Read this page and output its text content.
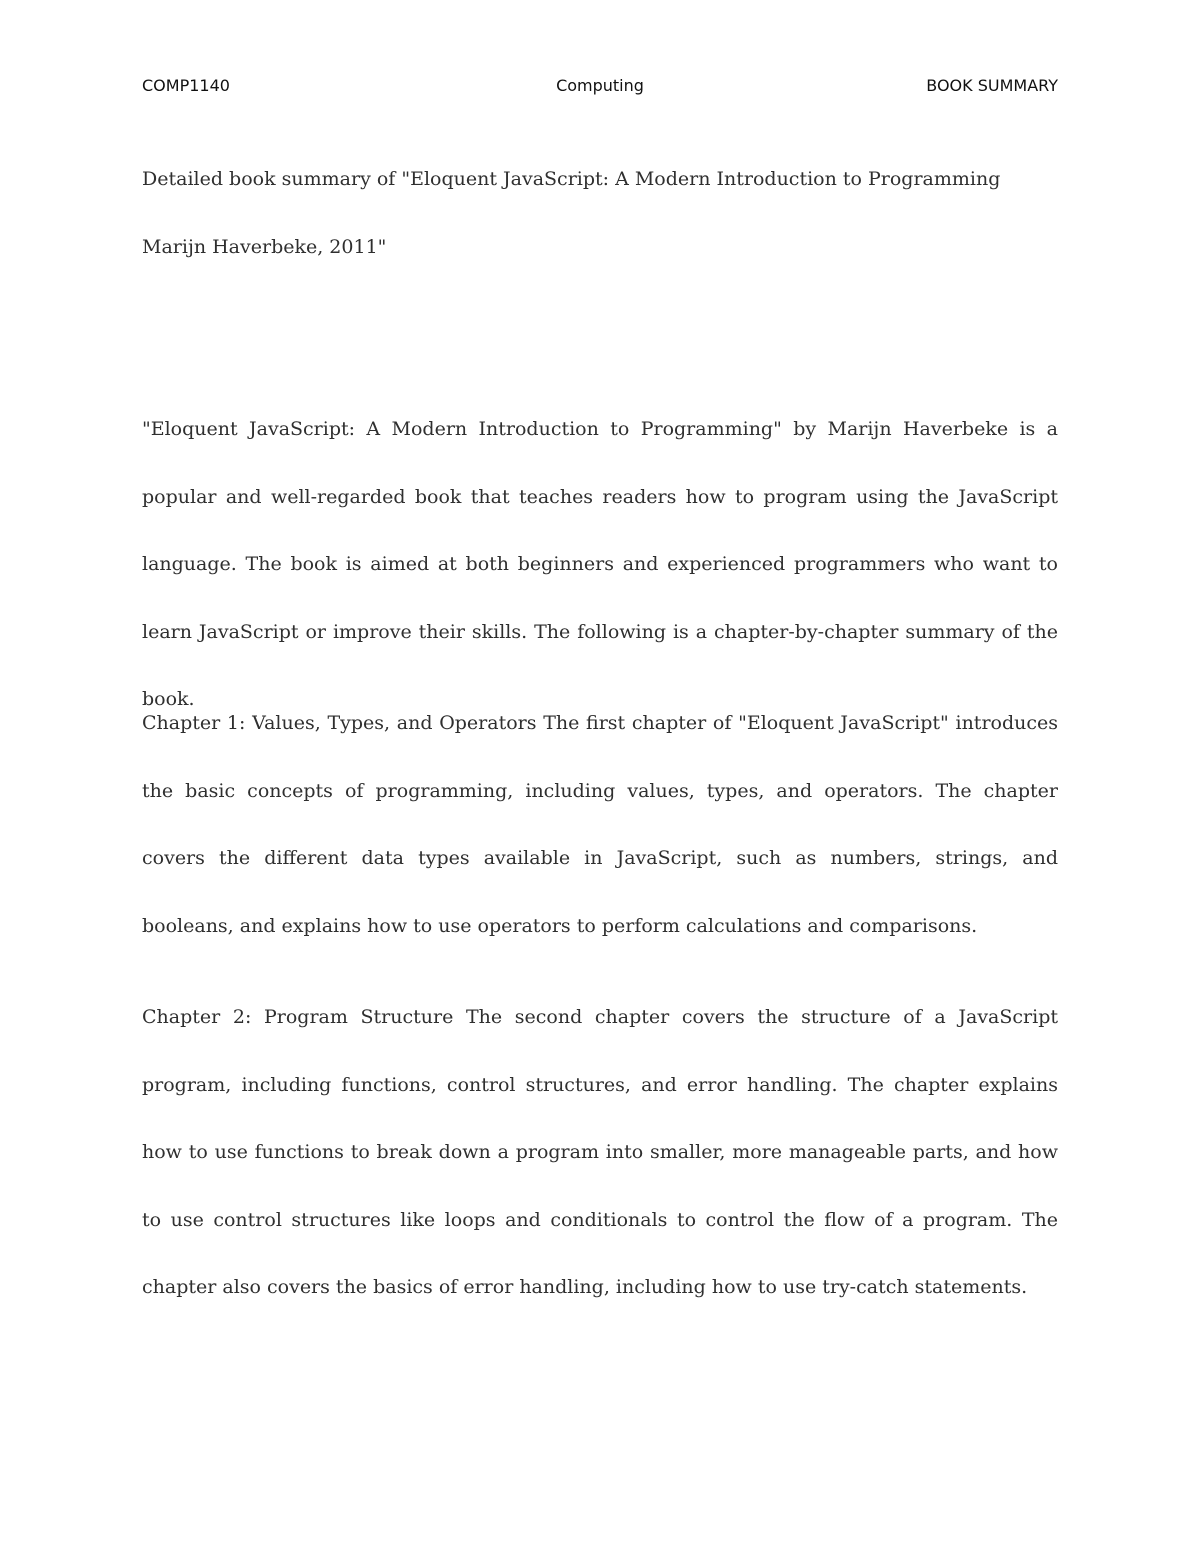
COMP1140	Computing	BOOK SUMMARY

Detailed book summary of "Eloquent JavaScript: A Modern Introduction to Programming Marijn Haverbeke, 2011"

"Eloquent JavaScript: A Modern Introduction to Programming" by Marijn Haverbeke is a popular and well-regarded book that teaches readers how to program using the JavaScript language. The book is aimed at both beginners and experienced programmers who want to learn JavaScript or improve their skills. The following is a chapter-by-chapter summary of the book.

Chapter 1: Values, Types, and Operators The first chapter of "Eloquent JavaScript" introduces the basic concepts of programming, including values, types, and operators. The chapter covers the different data types available in JavaScript, such as numbers, strings, and booleans, and explains how to use operators to perform calculations and comparisons.

Chapter 2: Program Structure The second chapter covers the structure of a JavaScript program, including functions, control structures, and error handling. The chapter explains how to use functions to break down a program into smaller, more manageable parts, and how to use control structures like loops and conditionals to control the flow of a program. The chapter also covers the basics of error handling, including how to use try-catch statements.
